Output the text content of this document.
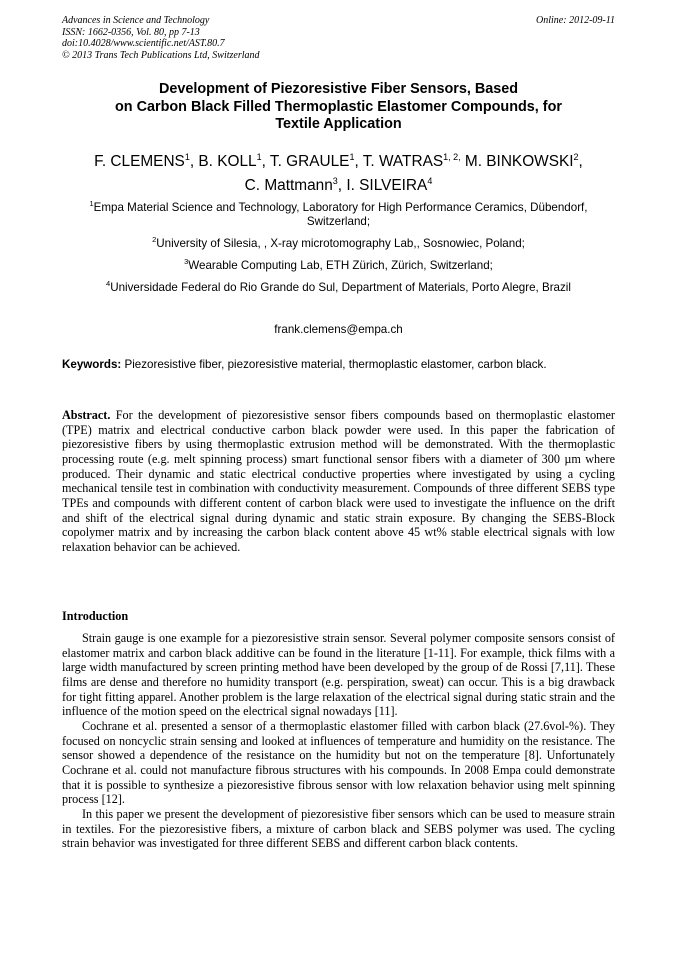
Advances in Science and Technology
ISSN: 1662-0356, Vol. 80, pp 7-13
doi:10.4028/www.scientific.net/AST.80.7
© 2013 Trans Tech Publications Ltd, Switzerland
Online: 2012-09-11
Development of Piezoresistive Fiber Sensors, Based
on Carbon Black Filled Thermoplastic Elastomer Compounds, for
Textile Application
F. CLEMENS$^1$, B. KOLL$^1$, T. GRAULE$^1$, T. $WATRAS^{1, 2,}$ M. BINKOWSKI$^2$,
C. Mattmann$^3$, I. SILVEIRA$^4$
$^1$Empa Material Science and Technology, Laboratory for High Performance Ceramics, Dübendorf, Switzerland;
$^2$University of Silesia, , X-ray microtomography Lab,, Sosnowiec, Poland;
$^3$Wearable Computing Lab, ETH Zürich, Zürich, Switzerland;
$^4$Universidade Federal do Rio Grande do Sul, Department of Materials, Porto Alegre, Brazil
frank.clemens@empa.ch
Keywords: Piezoresistive fiber, piezoresistive material, thermoplastic elastomer, carbon black.

Abstract. For the development of piezoresistive sensor fibers compounds based on thermoplastic elastomer (TPE) matrix and electrical conductive carbon black powder were used. In this paper the fabrication of piezoresistive fibers by using thermoplastic extrusion method will be demonstrated. With the thermoplastic processing route (e.g. melt spinning process) smart functional sensor fibers with a diameter of 300 µm where produced. Their dynamic and static electrical conductive properties where investigated by using a cycling mechanical tensile test in combination with conductivity measurement. Compounds of three different SEBS type TPEs and compounds with different content of carbon black were used to investigate the influence on the drift and shift of the electrical signal during dynamic and static strain exposure. By changing the SEBS-Block copolymer matrix and by increasing the carbon black content above 45 wt% stable electrical signals with low relaxation behavior can be achieved.

Introduction

Strain gauge is one example for a piezoresistive strain sensor. Several polymer composite sensors consist of elastomer matrix and carbon black additive can be found in the literature [1-11]. For example, thick films with a large width manufactured by screen printing method have been developed by the group of de Rossi [7,11]. These films are dense and therefore no humidity transport (e.g. perspiration, sweat) can occur. This is a big drawback for tight fitting apparel. Another problem is the large relaxation of the electrical signal during static strain and the influence of the motion speed on the electrical signal nowadays [11].

Cochrane et al. presented a sensor of a thermoplastic elastomer filled with carbon black (27.6vol-%). They focused on noncyclic strain sensing and looked at influences of temperature and humidity on the resistance. The sensor showed a dependence of the resistance on the humidity but not on the temperature [8]. Unfortunately Cochrane et al. could not manufacture fibrous structures with his compounds. In 2008 Empa could demonstrate that it is possible to synthesize a piezoresistive fibrous sensor with low relaxation behavior using melt spinning process [12].

In this paper we present the development of piezoresistive fiber sensors which can be used to measure strain in textiles. For the piezoresistive fibers, a mixture of carbon black and SEBS polymer was used. The cycling strain behavior was investigated for three different SEBS and different carbon black contents.
